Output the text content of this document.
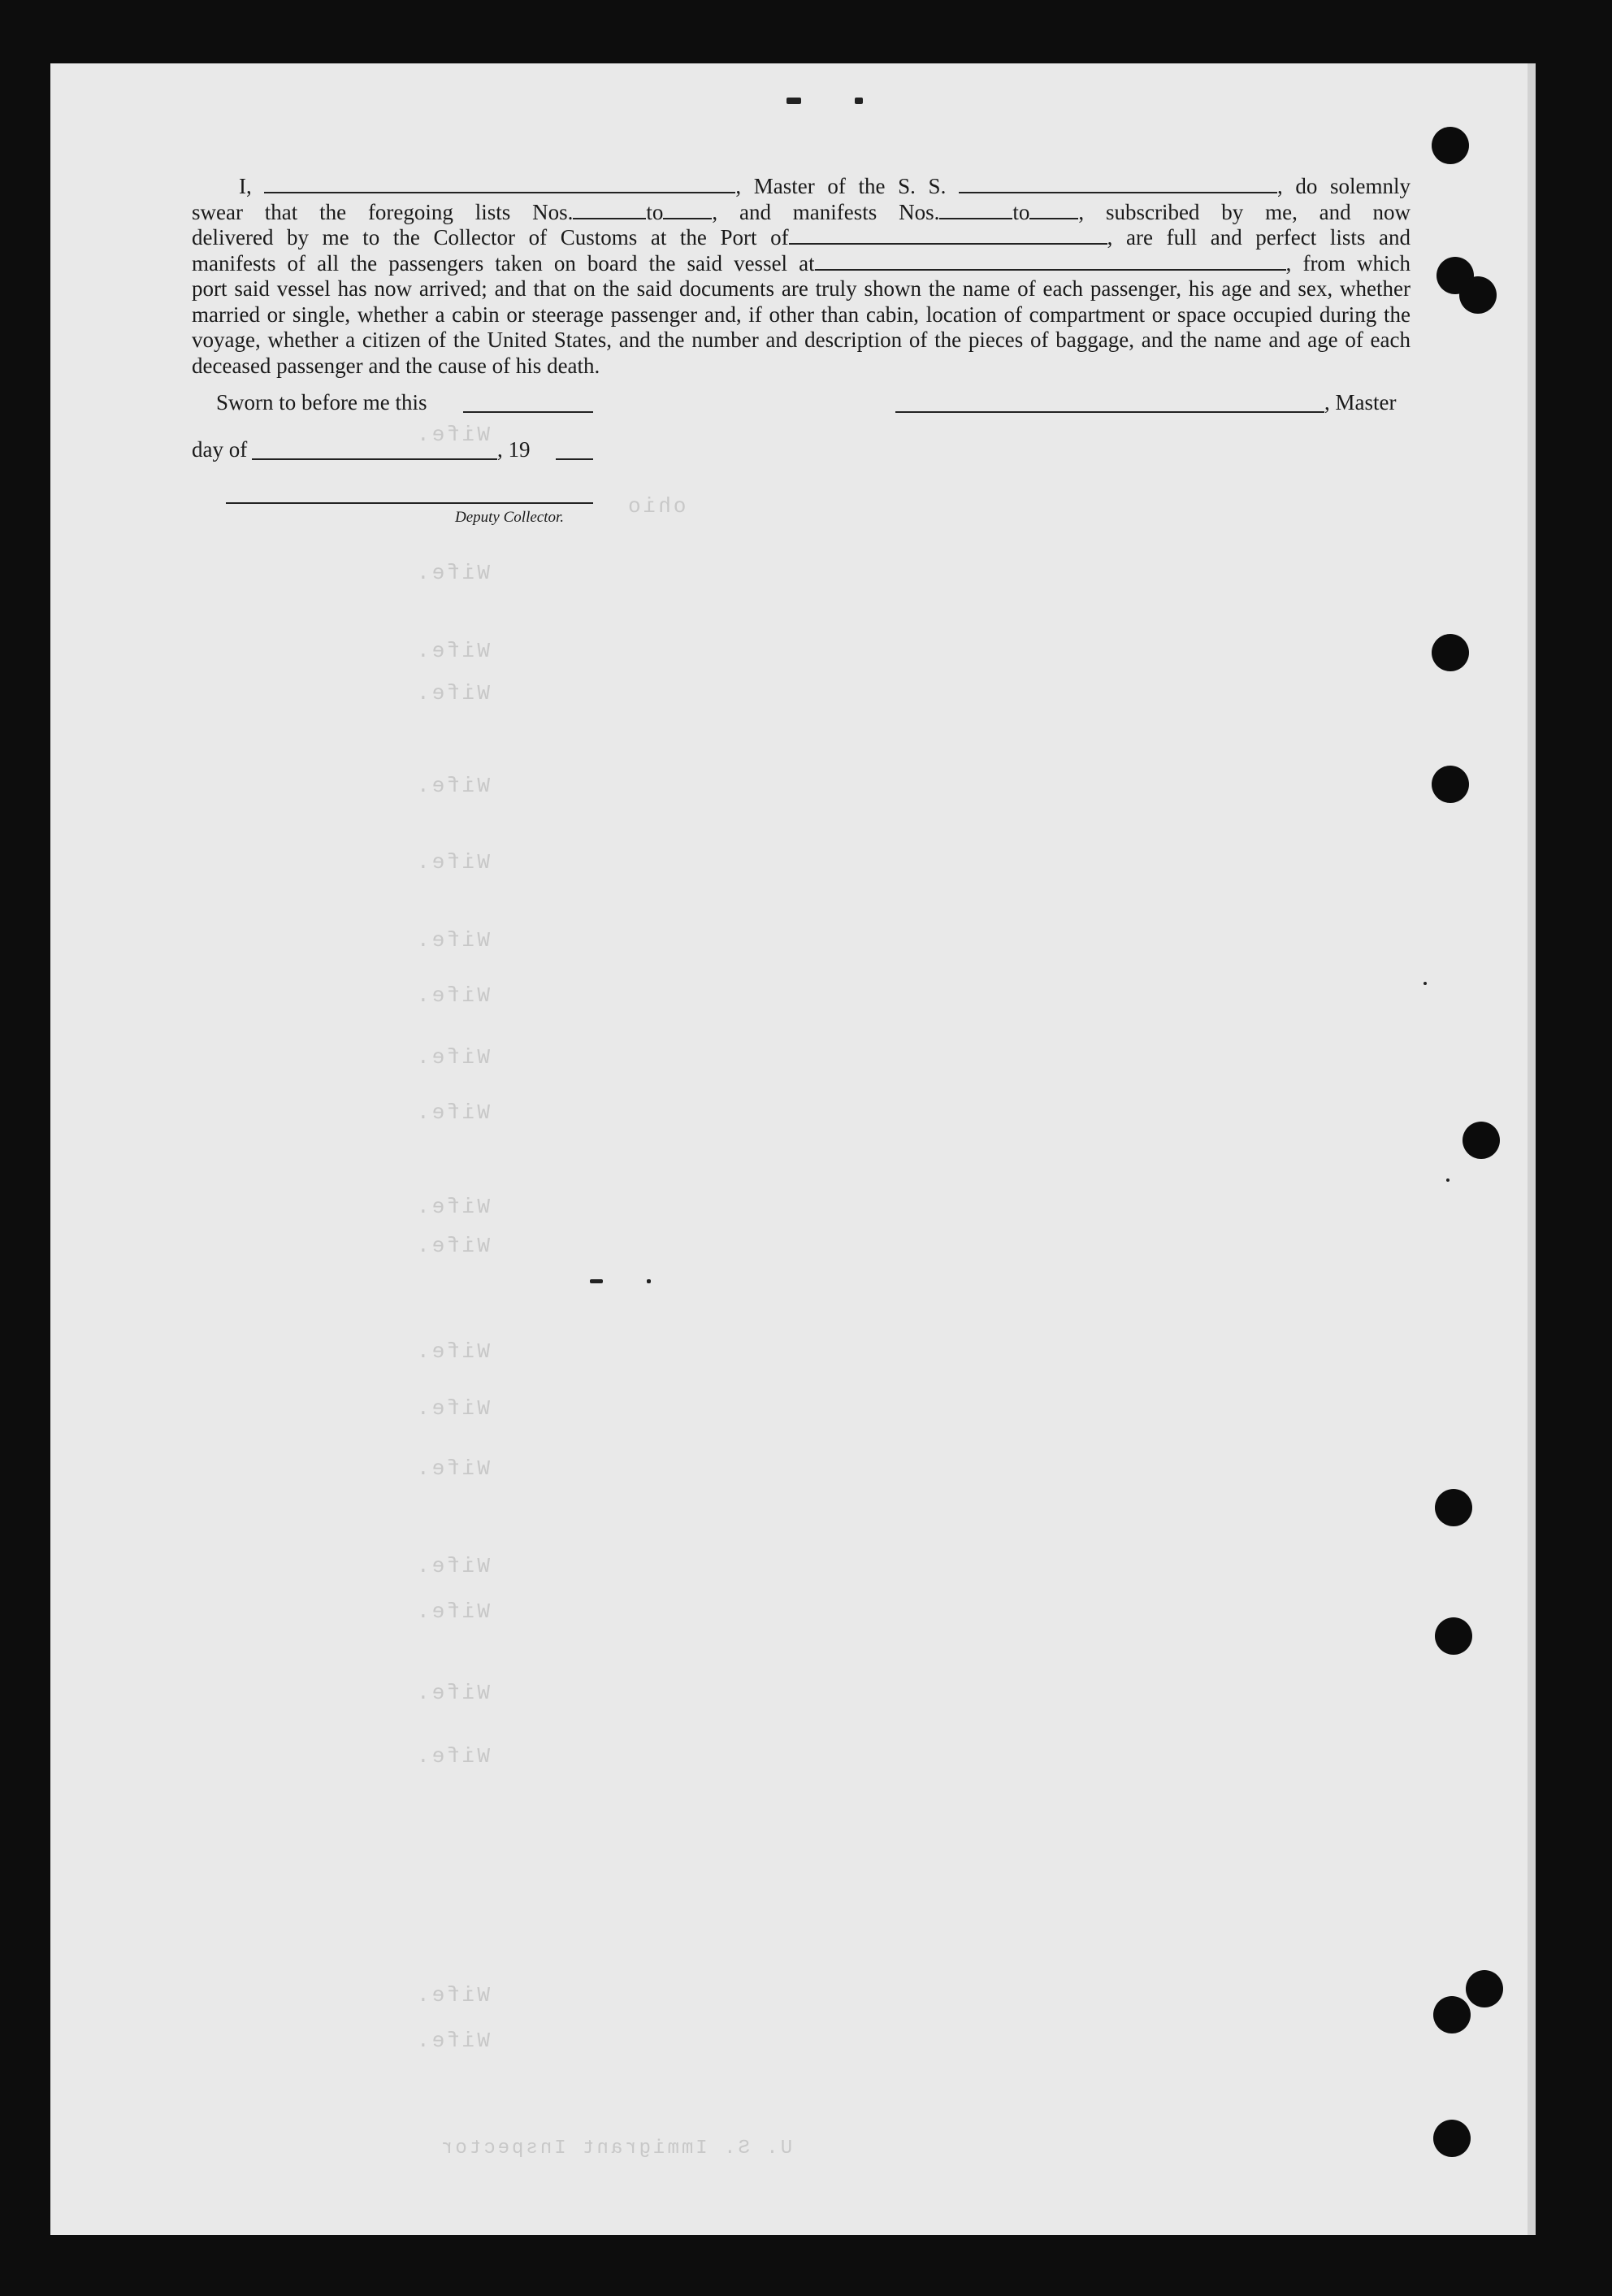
I,	, Master of the S. S.	, do solemnly

swear that the foregoing lists Nos.	to , and manifests Nos.	to , subscribed by me, and now

delivered by me to the Collector of Customs at the Port of	, are full and perfect lists and

manifests of all the passengers taken on board the said vessel at	, from which

port said vessel has now arrived; and that on the said documents are truly shown the name of each passenger, his age and sex, whether married or single, whether a cabin or steerage passenger and, if other than cabin, location of compartment or space occupied during the voyage, whether a citizen of the United States, and the number and description of the pieces of baggage, and the name and age of each deceased passenger and the cause of his death.

Sworn to before me this	, Master
day of	, 19
Deputy Collector.
Wife.
ohio
Wife.
Wife.
Wife.
Wife.
Wife.
Wife.
Wife.
Wife.
Wife.
Wife.
Wife.
Wife.
Wife.
Wife.
Wife.
Wife.
Wife.
Wife.
Wife.
Wife.
U. S. Immigrant Inspector
